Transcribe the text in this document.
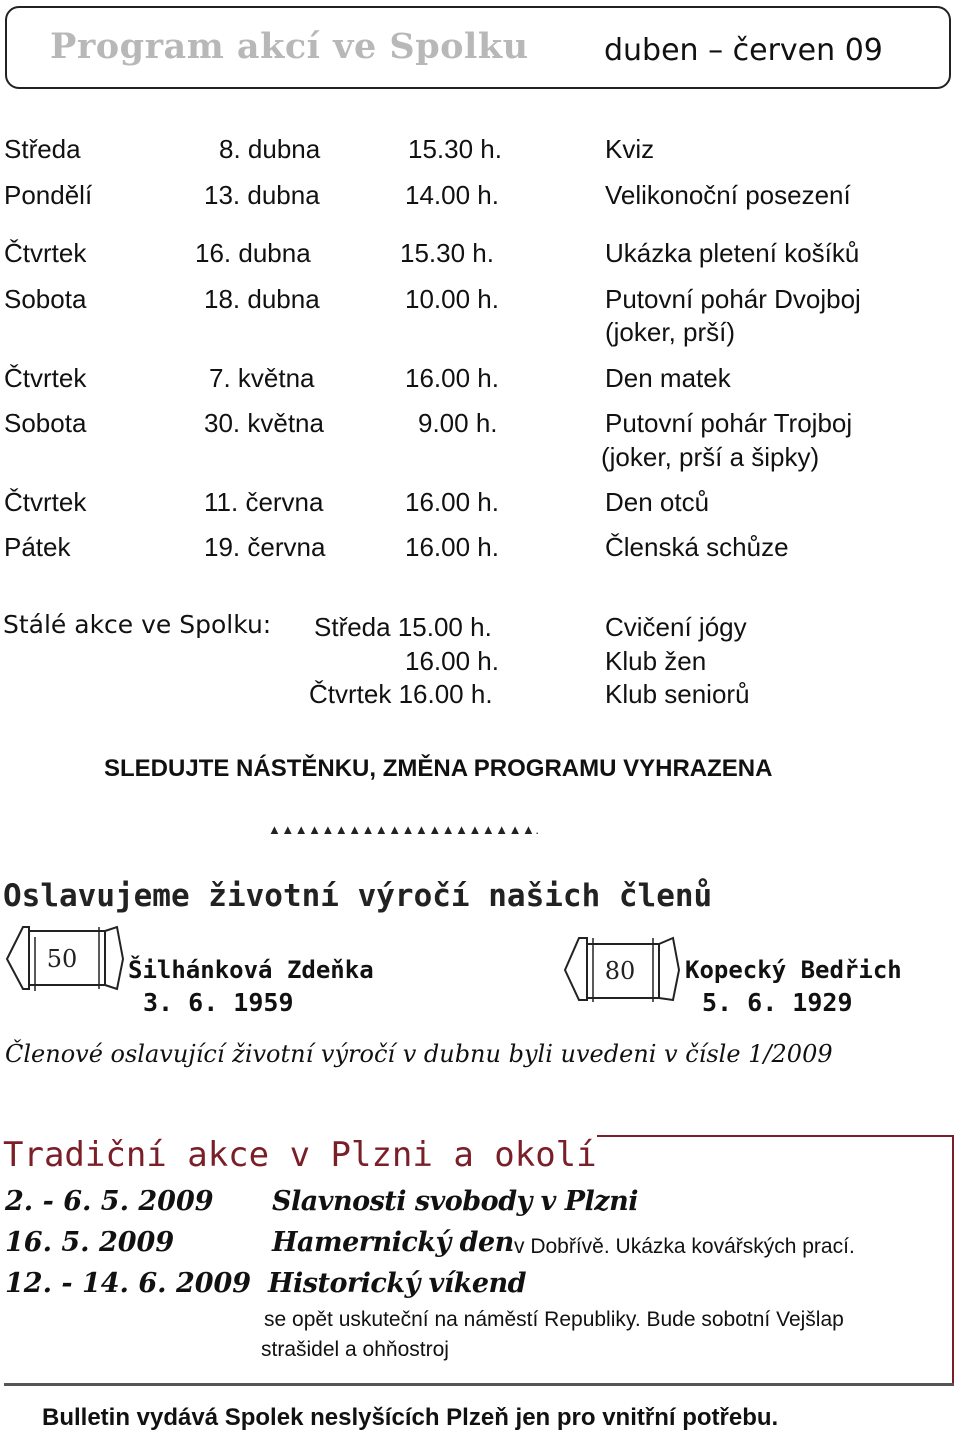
Program akcí ve Spolku	duben – červen 09
Středa	8. dubna	15.30 h.	Kviz
Pondělí	13. dubna	14.00 h.	Velikonoční posezení
Čtvrtek	16. dubna	15.30 h.	Ukázka pletení košíků
Sobota	18. dubna	10.00 h.	Putovní pohár Dvojboj
(joker, prší)
Čtvrtek	7. května	16.00 h.	Den matek
Sobota	30. května	9.00 h.	Putovní pohár Trojboj
(joker, prší a šipky)
Čtvrtek	11. června	16.00 h.	Den otců
Pátek	19. června	16.00 h.	Členská schůze
Stálé akce ve Spolku: Středa 15.00 h.	Cvičení jógy
16.00 h.	Klub žen
Čtvrtek 16.00 h.	Klub seniorů
SLEDUJTE NÁSTĚNKU, ZMĚNA PROGRAMU VYHRAZENA
▲▲▲▲▲▲▲▲▲▲▲▲▲▲▲▲▲▲▲▲.
Oslavujeme životní výročí našich členů
50 Šilhánková Zdeňka
3. 6. 1959
80 Kopecký Bedřich
5. 6. 1929
Členové oslavující životní výročí v dubnu byli uvedeni v čísle 1/2009
Tradiční akce v Plzni a okolí
2. - 6. 5. 2009 Slavnosti svobody v Plzni
16. 5. 2009	Hamernický den v Dobřívě. Ukázka kovářských prací.
12. - 14. 6. 2009 Historický víkend
se opět uskuteční na náměstí Republiky. Bude sobotní Vejšlap
strašidel a ohňostroj
Bulletin vydává Spolek neslyšících Plzeň jen pro vnitřní potřebu.
